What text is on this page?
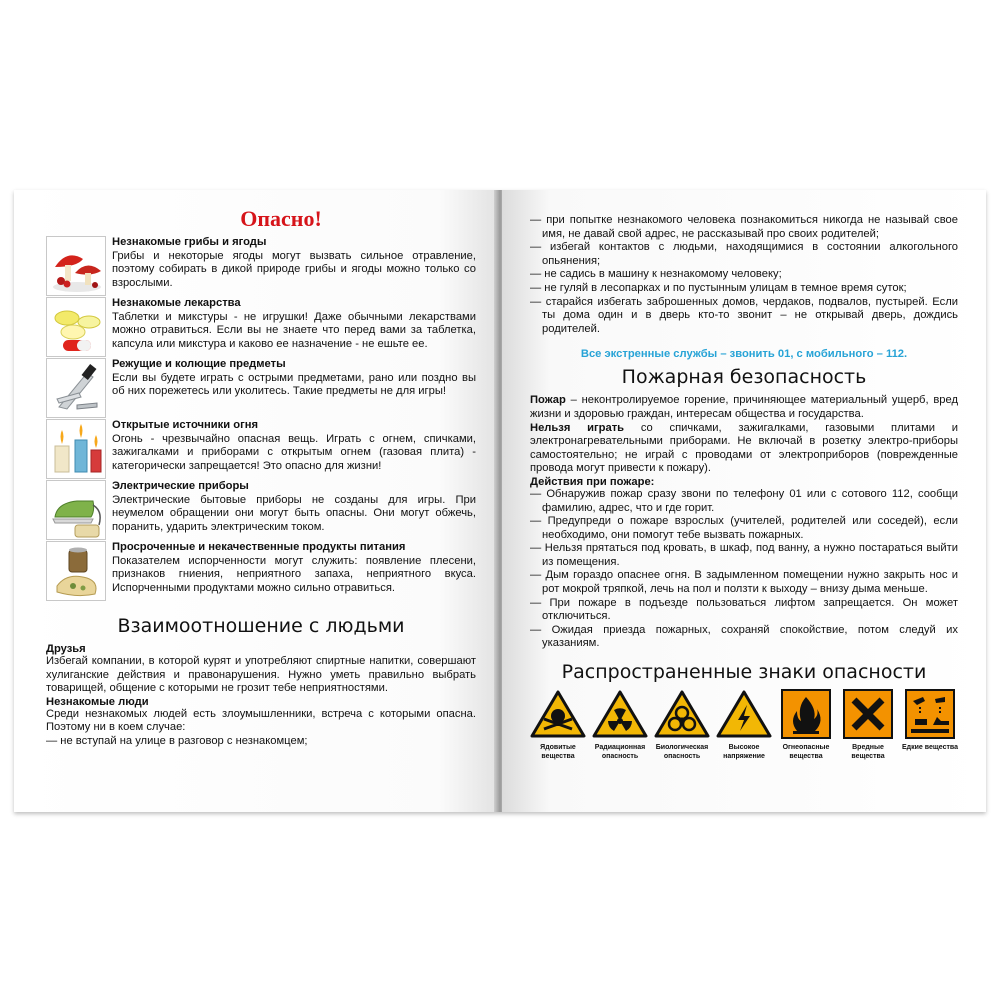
Опасно!
Незнакомые грибы и ягоды
Грибы и некоторые ягоды могут вызвать сильное отравление, поэтому собирать в дикой природе грибы и ягоды можно только со взрослыми.
Незнакомые лекарства
Таблетки и микстуры - не игрушки! Даже обычными лекарствами можно отравиться. Если вы не знаете что перед вами за таблетка, капсула или микстура и каково ее назначение - не ешьте ее.
Режущие и колющие предметы
Если вы будете играть с острыми предметами, рано или поздно вы об них порежетесь или уколитесь. Такие предметы не для игры!
Открытые источники огня
Огонь - чрезвычайно опасная вещь. Играть с огнем, спичками, зажигалками и приборами с открытым огнем (газовая плита) - категорически запрещается! Это опасно для жизни!
Электрические приборы
Электрические бытовые приборы не созданы для игры. При неумелом обращении они могут быть опасны. Они могут обжечь, поранить, ударить электрическим током.
Просроченные и некачественные продукты питания
Показателем испорченности могут служить: появление плесени, признаков гниения, неприятного запаха, неприятного вкуса. Испорченными продуктами можно сильно отравиться.
Взаимоотношение с людьми
Друзья
Избегай компании, в которой курят и употребляют спиртные напитки, совершают хулиганские действия и правонарушения. Нужно уметь правильно выбрать товарищей, общение с которыми не грозит тебе неприятностями.
Незнакомые люди
Среди незнакомых людей есть злоумышленники, встреча с которыми опасна. Поэтому ни в коем случае:
— не вступай на улице в разговор с незнакомцем;
— при попытке незнакомого человека познакомиться никогда не называй свое имя, не давай свой адрес, не рассказывай про своих родителей;
— избегай контактов с людьми, находящимися в состоянии алкогольного опьянения;
— не садись в машину к незнакомому человеку;
— не гуляй в лесопарках и по пустынным улицам в темное время суток;
— старайся избегать заброшенных домов, чердаков, подвалов, пустырей. Если ты дома один и в дверь кто-то звонит – не открывай дверь, дождись родителей.
Все экстренные службы – звонить 01, с мобильного – 112.
Пожарная безопасность
Пожар – неконтролируемое горение, причиняющее материальный ущерб, вред жизни и здоровью граждан, интересам общества и государства.
Нельзя играть со спичками, зажигалками, газовыми плитами и электронагревательными приборами. Не включай в розетку электро-приборы самостоятельно; не играй с проводами от электроприборов (поврежденные провода могут привести к пожару).
Действия при пожаре:
— Обнаружив пожар сразу звони по телефону 01 или с сотового 112, сообщи фамилию, адрес, что и где горит.
— Предупреди о пожаре взрослых (учителей, родителей или соседей), если необходимо, они помогут тебе вызвать пожарных.
— Нельзя прятаться под кровать, в шкаф, под ванну, а нужно постараться выйти из помещения.
— Дым гораздо опаснее огня. В задымленном помещении нужно закрыть нос и рот мокрой тряпкой, лечь на пол и ползти к выходу – внизу дыма меньше.
— При пожаре в подъезде пользоваться лифтом запрещается. Он может отключиться.
— Ожидая приезда пожарных, сохраняй спокойствие, потом следуй их указаниям.
Распространенные знаки опасности
Ядовитые вещества
Радиационная опасность
Биологическая опасность
Высокое напряжение
Огнеопасные вещества
Вредные вещества
Едкие вещества
